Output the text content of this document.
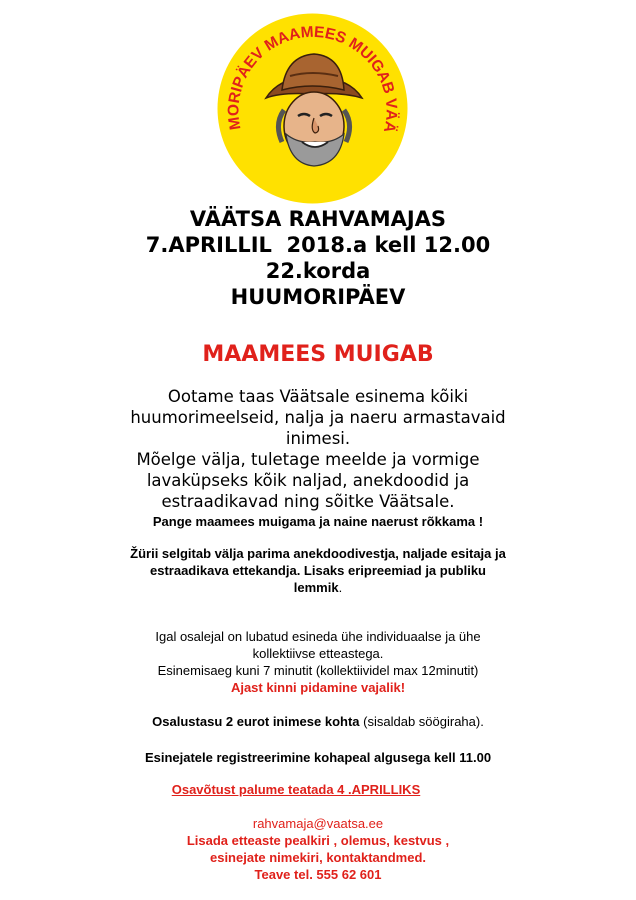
MORIPÄEV MAAMEES MUIGAB VÄÄ
VÄÄTSA RAHVAMAJAS
7.APRILLIL  2018.a kell 12.00
22.korda
HUUMORIPÄEV
MAAMEES MUIGAB
Ootame taas Väätsale esinema kõiki
huumorimeelseid, nalja ja naeru armastavaid
inimesi.
Mõelge välja, tuletage meelde ja vormige
lavaküpseks kõik naljad, anekdoodid ja
estraadikavad ning sõitke Väätsale.
Pange maamees muigama ja naine naerust rõkkama !
Žürii selgitab välja parima anekdoodivestja, naljade esitaja ja
estraadikava ettekandja. Lisaks eripreemiad ja publiku
lemmik.
Igal osalejal on lubatud esineda ühe individuaalse ja ühe
kollektiivse etteastega.
Esinemisaeg kuni 7 minutit (kollektiividel max 12minutit)
Ajast kinni pidamine vajalik!
Osalustasu 2 eurot inimese kohta (sisaldab söögiraha).
Esinejatele registreerimine kohapeal algusega kell 11.00
Osavõtust palume teatada 4 .APRILLIKS
rahvamaja@vaatsa.ee
Lisada etteaste pealkiri , olemus, kestvus ,
esinejate nimekiri, kontaktandmed.
Teave tel. 555 62 601
